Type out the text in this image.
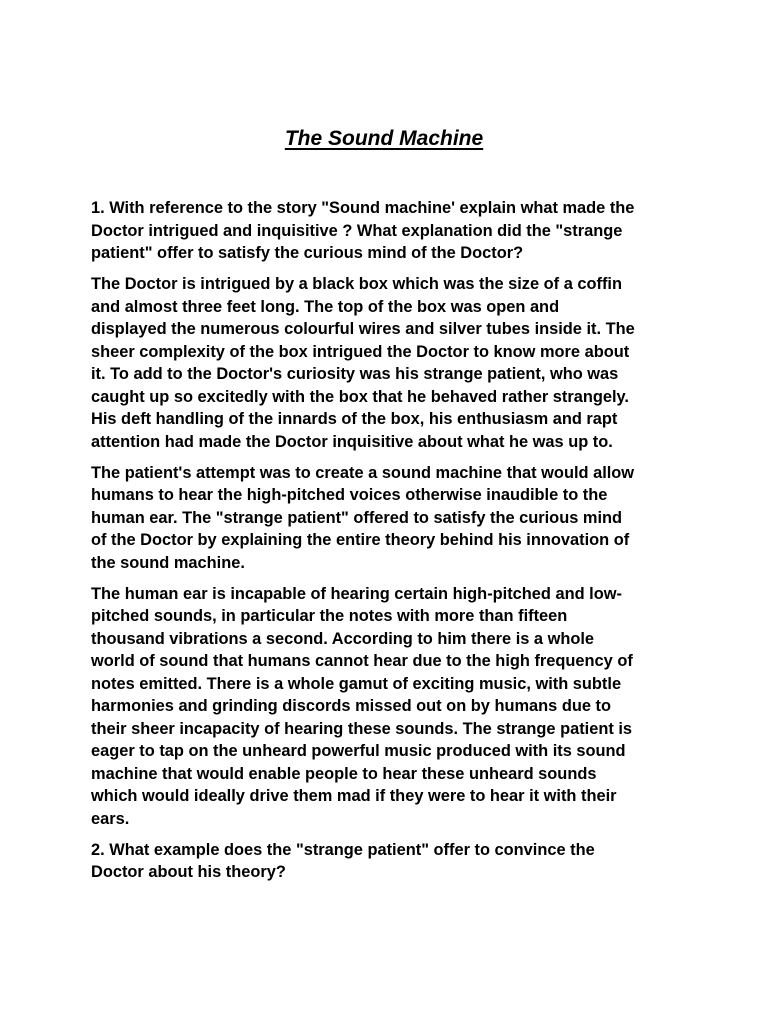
The Sound Machine

1. With reference to the story "Sound machine' explain what made the
Doctor intrigued and inquisitive ? What explanation did the "strange
patient" offer to satisfy the curious mind of the Doctor?

The Doctor is intrigued by a black box which was the size of a coffin
and almost three feet long. The top of the box was open and
displayed the numerous colourful wires and silver tubes inside it. The
sheer complexity of the box intrigued the Doctor to know more about
it. To add to the Doctor's curiosity was his strange patient, who was
caught up so excitedly with the box that he behaved rather strangely.
His deft handling of the innards of the box, his enthusiasm and rapt
attention had made the Doctor inquisitive about what he was up to.

The patient's attempt was to create a sound machine that would allow
humans to hear the high-pitched voices otherwise inaudible to the
human ear. The "strange patient" offered to satisfy the curious mind
of the Doctor by explaining the entire theory behind his innovation of
the sound machine.

The human ear is incapable of hearing certain high-pitched and low-
pitched sounds, in particular the notes with more than fifteen
thousand vibrations a second. According to him there is a whole
world of sound that humans cannot hear due to the high frequency of
notes emitted. There is a whole gamut of exciting music, with subtle
harmonies and grinding discords missed out on by humans due to
their sheer incapacity of hearing these sounds. The strange patient is
eager to tap on the unheard powerful music produced with its sound
machine that would enable people to hear these unheard sounds
which would ideally drive them mad if they were to hear it with their
ears.

2. What example does the "strange patient" offer to convince the
Doctor about his theory?
